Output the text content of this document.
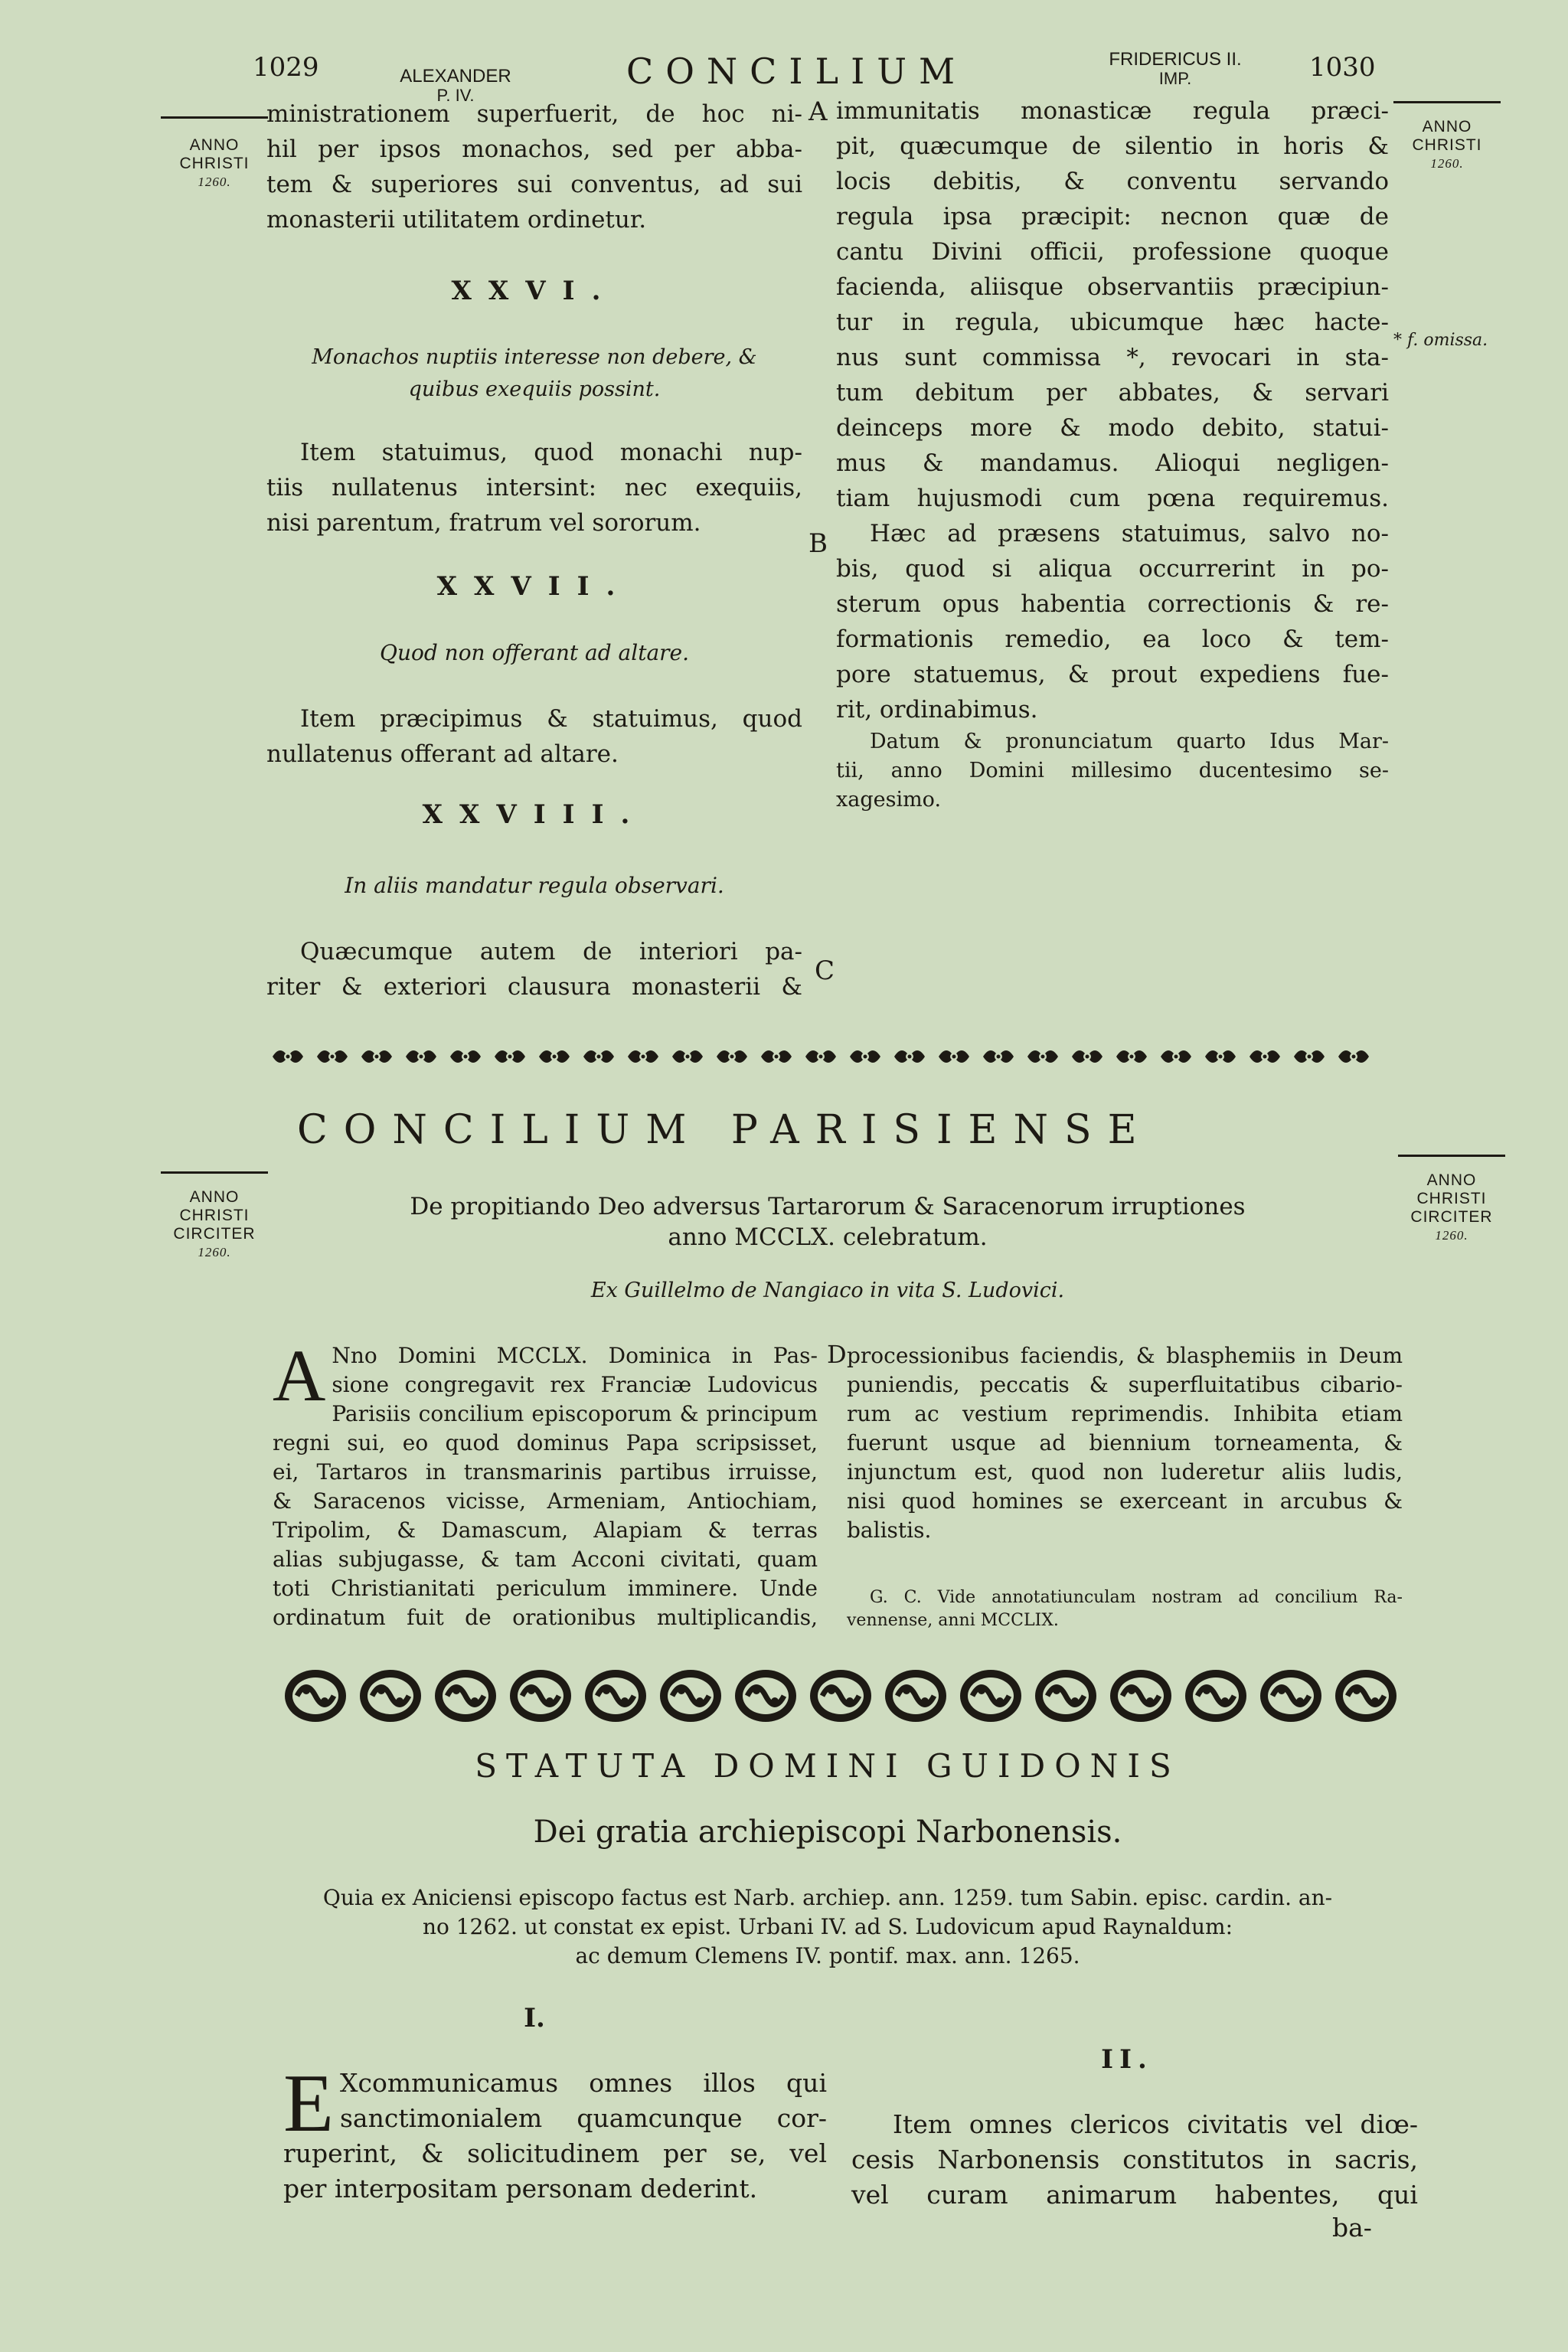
1029	ALEXANDER
P. IV.
CONCILIUM	FRIDERICUS II.
IMP.	1030
ANNO
CHRISTI
1260.
ANNO
CHRISTI
1260.
* f. omissa.
A
B
C
ministrationem superfuerit, de hoc ni-
hil per ipsos monachos, sed per abba-
tem & superiores sui conventus, ad sui
monasterii utilitatem ordinetur.
XXVI.
Monachos nuptiis interesse non debere, &
quibus exequiis possint.
Item statuimus, quod monachi nup-
tiis nullatenus intersint: nec exequiis,
nisi parentum, fratrum vel sororum.
XXVII.
Quod non offerant ad altare.
Item præcipimus & statuimus, quod
nullatenus offerant ad altare.
XXVIII.
In aliis mandatur regula observari.
Quæcumque autem de interiori pa-
riter & exteriori clausura monasterii &
immunitatis monasticæ regula præci-
pit, quæcumque de silentio in horis &
locis debitis, & conventu servando
regula ipsa præcipit: necnon quæ de
cantu Divini officii, professione quoque
facienda, aliisque observantiis præcipiun-
tur in regula, ubicumque hæc hacte-
nus sunt commissa *, revocari in sta-
tum debitum per abbates, & servari
deinceps more & modo debito, statui-
mus & mandamus. Alioqui negligen-
tiam hujusmodi cum pœna requiremus.
Hæc ad præsens statuimus, salvo no-
bis, quod si aliqua occurrerint in po-
sterum opus habentia correctionis & re-
formationis remedio, ea loco & tem-
pore statuemus, & prout expediens fue-
rit, ordinabimus.
Datum & pronunciatum quarto Idus Mar-
tii, anno Domini millesimo ducentesimo se-
xagesimo.
CONCILIUM PARISIENSE
ANNO
CHRISTI
CIRCITER
1260.
ANNO
CHRISTI
CIRCITER
1260.
De propitiando Deo adversus Tartarorum & Saracenorum irruptiones
anno MCCLX. celebratum.
Ex Guillelmo de Nangiaco in vita S. Ludovici.
A Nno Domini MCCLX. Dominica in Pas-
sione congregavit rex Franciæ Ludovicus
Parisiis concilium episcoporum & principum
regni sui, eo quod dominus Papa scripsisset,
ei, Tartaros in transmarinis partibus irruisse,
& Saracenos vicisse, Armeniam, Antiochiam,
Tripolim, & Damascum, Alapiam & terras
alias subjugasse, & tam Acconi civitati, quam
toti Christianitati periculum imminere. Unde
ordinatum fuit de orationibus multiplicandis,
D processionibus faciendis, & blasphemiis in Deum
puniendis, peccatis & superfluitatibus cibario-
rum ac vestium reprimendis. Inhibita etiam
fuerunt usque ad biennium torneamenta, &
injunctum est, quod non luderetur aliis ludis,
nisi quod homines se exerceant in arcubus &
balistis.
G. C. Vide annotatiunculam nostram ad concilium Ra-
vennense, anni MCCLIX.
STATUTA DOMINI GUIDONIS
Dei gratia archiepiscopi Narbonensis.
Quia ex Aniciensi episcopo factus est Narb. archiep. ann. 1259. tum Sabin. episc. cardin. an-
no 1262. ut constat ex epist. Urbani IV. ad S. Ludovicum apud Raynaldum:
ac demum Clemens IV. pontif. max. ann. 1265.
I.
E Xcommunicamus omnes illos qui
sanctimonialem quamcunque cor-
ruperint, & solicitudinem per se, vel
per interpositam personam dederint.
II.
Item omnes clericos civitatis vel diœ-
cesis Narbonensis constitutos in sacris,
vel curam animarum habentes, qui
ba-
